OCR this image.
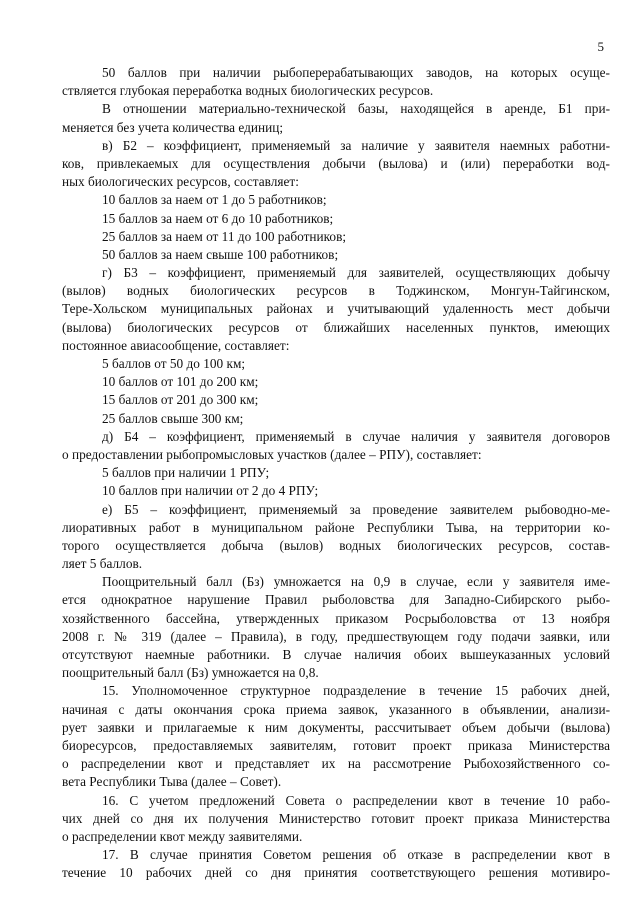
5
50 баллов при наличии рыбоперерабатывающих заводов, на которых осуще-
ствляется глубокая переработка водных биологических ресурсов.
В отношении материально-технической базы, находящейся в аренде, Б1 при-
меняется без учета количества единиц;
в) Б2 – коэффициент, применяемый за наличие у заявителя наемных работни-
ков, привлекаемых для осуществления добычи (вылова) и (или) переработки вод-
ных биологических ресурсов, составляет:
10 баллов за наем от 1 до 5 работников;
15 баллов за наем от 6 до 10 работников;
25 баллов за наем от 11 до 100 работников;
50 баллов за наем свыше 100 работников;
г) Б3 – коэффициент, применяемый для заявителей, осуществляющих добычу
(вылов) водных биологических ресурсов в Тоджинском, Монгун-Тайгинском,
Тере-Хольском муниципальных районах и учитывающий удаленность мест добычи
(вылова) биологических ресурсов от ближайших населенных пунктов, имеющих
постоянное авиасообщение, составляет:
5 баллов от 50 до 100 км;
10 баллов от 101 до 200 км;
15 баллов от 201 до 300 км;
25 баллов свыше 300 км;
д) Б4 – коэффициент, применяемый в случае наличия у заявителя договоров
о предоставлении рыбопромысловых участков (далее – РПУ), составляет:
5 баллов при наличии 1 РПУ;
10 баллов при наличии от 2 до 4 РПУ;
е) Б5 – коэффициент, применяемый за проведение заявителем рыбоводно-ме-
лиоративных работ в муниципальном районе Республики Тыва, на территории ко-
торого осуществляется добыча (вылов) водных биологических ресурсов, состав-
ляет 5 баллов.
Поощрительный балл (Бз) умножается на 0,9 в случае, если у заявителя име-
ется однократное нарушение Правил рыболовства для Западно-Сибирского рыбо-
хозяйственного бассейна, утвержденных приказом Росрыболовства от 13 ноября
2008 г. № 319 (далее – Правила), в году, предшествующем году подачи заявки, или
отсутствуют наемные работники. В случае наличия обоих вышеуказанных условий
поощрительный балл (Бз) умножается на 0,8.
15. Уполномоченное структурное подразделение в течение 15 рабочих дней,
начиная с даты окончания срока приема заявок, указанного в объявлении, анализи-
рует заявки и прилагаемые к ним документы, рассчитывает объем добычи (вылова)
биоресурсов, предоставляемых заявителям, готовит проект приказа Министерства
о распределении квот и представляет их на рассмотрение Рыбохозяйственного со-
вета Республики Тыва (далее – Совет).
16. С учетом предложений Совета о распределении квот в течение 10 рабо-
чих дней со дня их получения Министерство готовит проект приказа Министерства
о распределении квот между заявителями.
17. В случае принятия Советом решения об отказе в распределении квот в
течение 10 рабочих дней со дня принятия соответствующего решения мотивиро-
